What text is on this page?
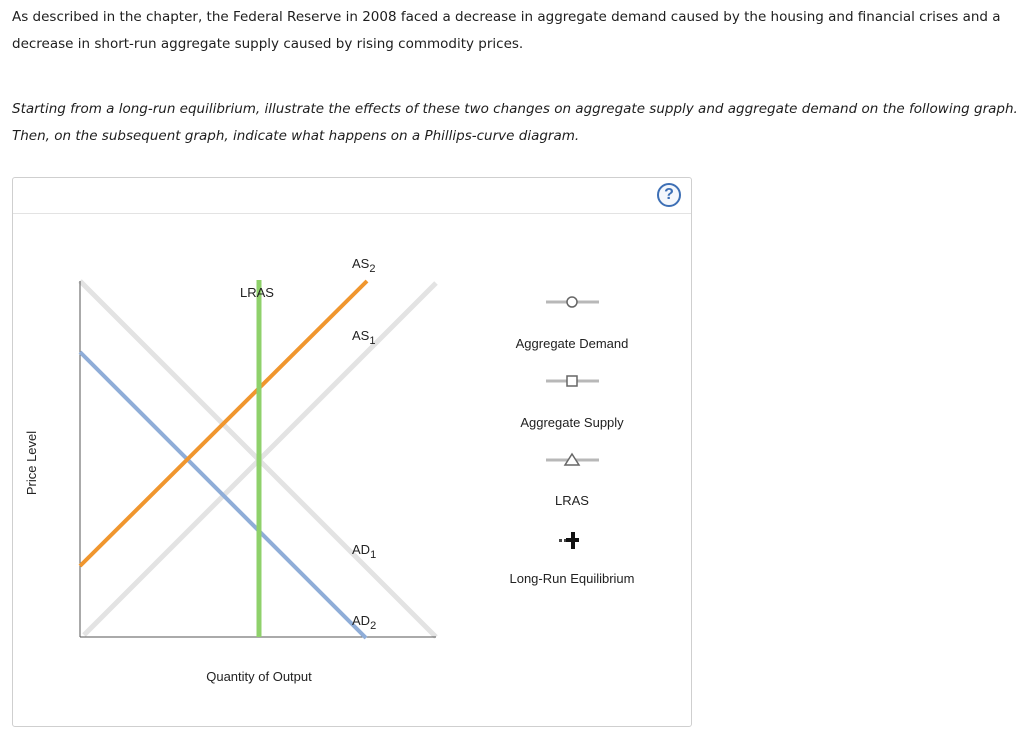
As described in the chapter, the Federal Reserve in 2008 faced a decrease in aggregate demand caused by the housing and financial crises and a decrease in short-run aggregate supply caused by rising commodity prices.
Starting from a long-run equilibrium, illustrate the effects of these two changes on aggregate supply and aggregate demand on the following graph. Then, on the subsequent graph, indicate what happens on a Phillips-curve diagram.
?
Price Level
Quantity of Output
LRAS
$AS_2$
$AS_1$
$AD_1$
$AD_2$
Aggregate Demand
Aggregate Supply
LRAS
Long-Run Equilibrium
